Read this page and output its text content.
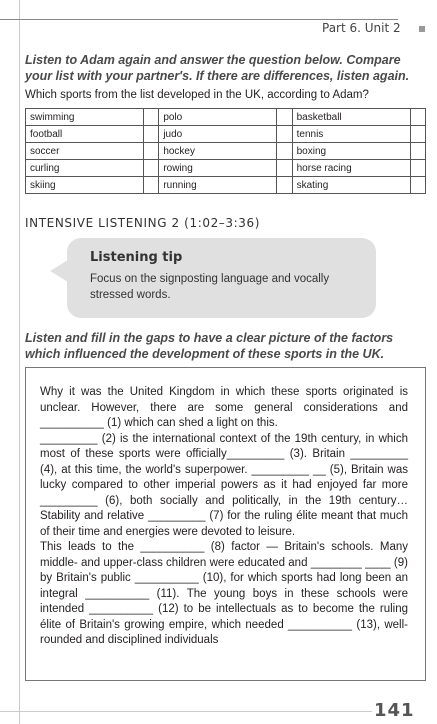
Part 6. Unit 2
Listen to Adam again and answer the question below. Compare your list with your partner's. If there are differences, listen again.
Which sports from the list developed in the UK, according to Adam?
swimming		polo		basketball	
football		judo		tennis	
soccer		hockey		boxing	
curling		rowing		horse racing	
skiing		running		skating	
INTENSIVE LISTENING 2 (1:02–3:36)
Listening tip
Focus on the signposting language and vocally stressed words.
Listen and fill in the gaps to have a clear picture of the factors which influenced the development of these sports in the UK.

Why it was the United Kingdom in which these sports originated is unclear. However, there are some general considerations and __________ (1) which can shed a light on this.

_________ (2) is the international context of the 19th century, in which most of these sports were officially_________ (3). Britain _________ (4), at this time, the world's superpower. _________ __ (5), Britain was lucky compared to other imperial powers as it had enjoyed far more _________ (6), both socially and politically, in the 19th century… Stability and relative _________ (7) for the ruling élite meant that much of their time and energies were devoted to leisure.

This leads to the __________ (8) factor — Britain's schools. Many middle- and upper-class children were educated and ________ ____ (9) by Britain's public __________ (10), for which sports had long been an integral __________ (11). The young boys in these schools were intended __________ (12) to be intellectuals as to become the ruling élite of Britain's growing empire, which needed __________ (13), well-rounded and disciplined individuals

141
